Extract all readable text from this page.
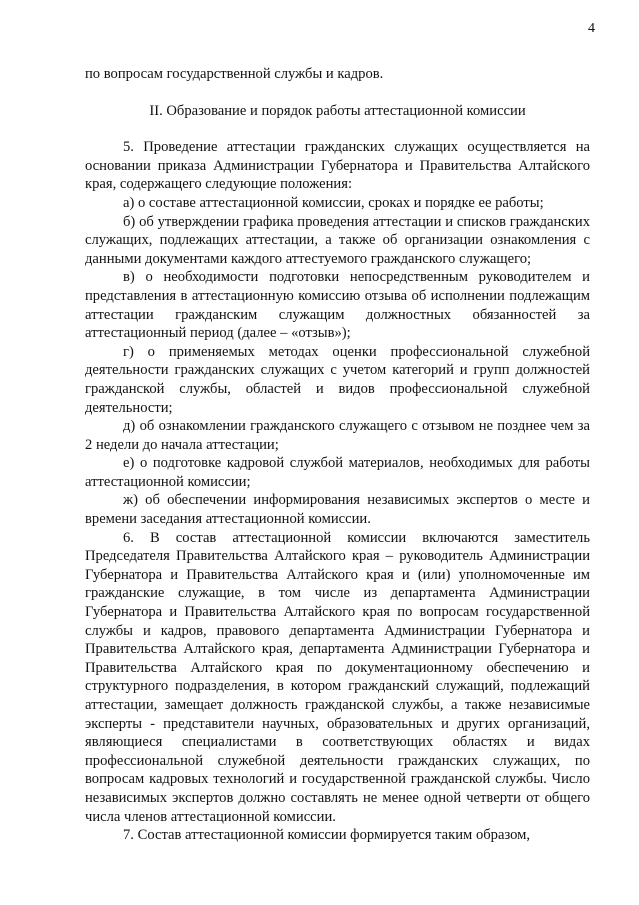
4

по вопросам государственной службы и кадров.

II. Образование и порядок работы аттестационной комиссии

5. Проведение аттестации гражданских служащих осуществляется на основании приказа Администрации Губернатора и Правительства Алтайского края, содержащего следующие положения:

а) о составе аттестационной комиссии, сроках и порядке ее работы;

б) об утверждении графика проведения аттестации и списков гражданских служащих, подлежащих аттестации, а также об организации ознакомления с данными документами каждого аттестуемого гражданского служащего;

в) о необходимости подготовки непосредственным руководителем и представления в аттестационную комиссию отзыва об исполнении подлежащим аттестации гражданским служащим должностных обязанностей за аттестационный период (далее – «отзыв»);

г) о применяемых методах оценки профессиональной служебной деятельности гражданских служащих с учетом категорий и групп должностей гражданской службы, областей и видов профессиональной служебной деятельности;

д) об ознакомлении гражданского служащего с отзывом не позднее чем за 2 недели до начала аттестации;

е) о подготовке кадровой службой материалов, необходимых для работы аттестационной комиссии;

ж) об обеспечении информирования независимых экспертов о месте и времени заседания аттестационной комиссии.

6. В состав аттестационной комиссии включаются заместитель Председателя Правительства Алтайского края – руководитель Администрации Губернатора и Правительства Алтайского края и (или) уполномоченные им гражданские служащие, в том числе из департамента Администрации Губернатора и Правительства Алтайского края по вопросам государственной службы и кадров, правового департамента Администрации Губернатора и Правительства Алтайского края, департамента Администрации Губернатора и Правительства Алтайского края по документационному обеспечению и структурного подразделения, в котором гражданский служащий, подлежащий аттестации, замещает должность гражданской службы, а также независимые эксперты - представители научных, образовательных и других организаций, являющиеся специалистами в соответствующих областях и видах профессиональной служебной деятельности гражданских служащих, по вопросам кадровых технологий и государственной гражданской службы. Число независимых экспертов должно составлять не менее одной четверти от общего числа членов аттестационной комиссии.

7. Состав аттестационной комиссии формируется таким образом,
